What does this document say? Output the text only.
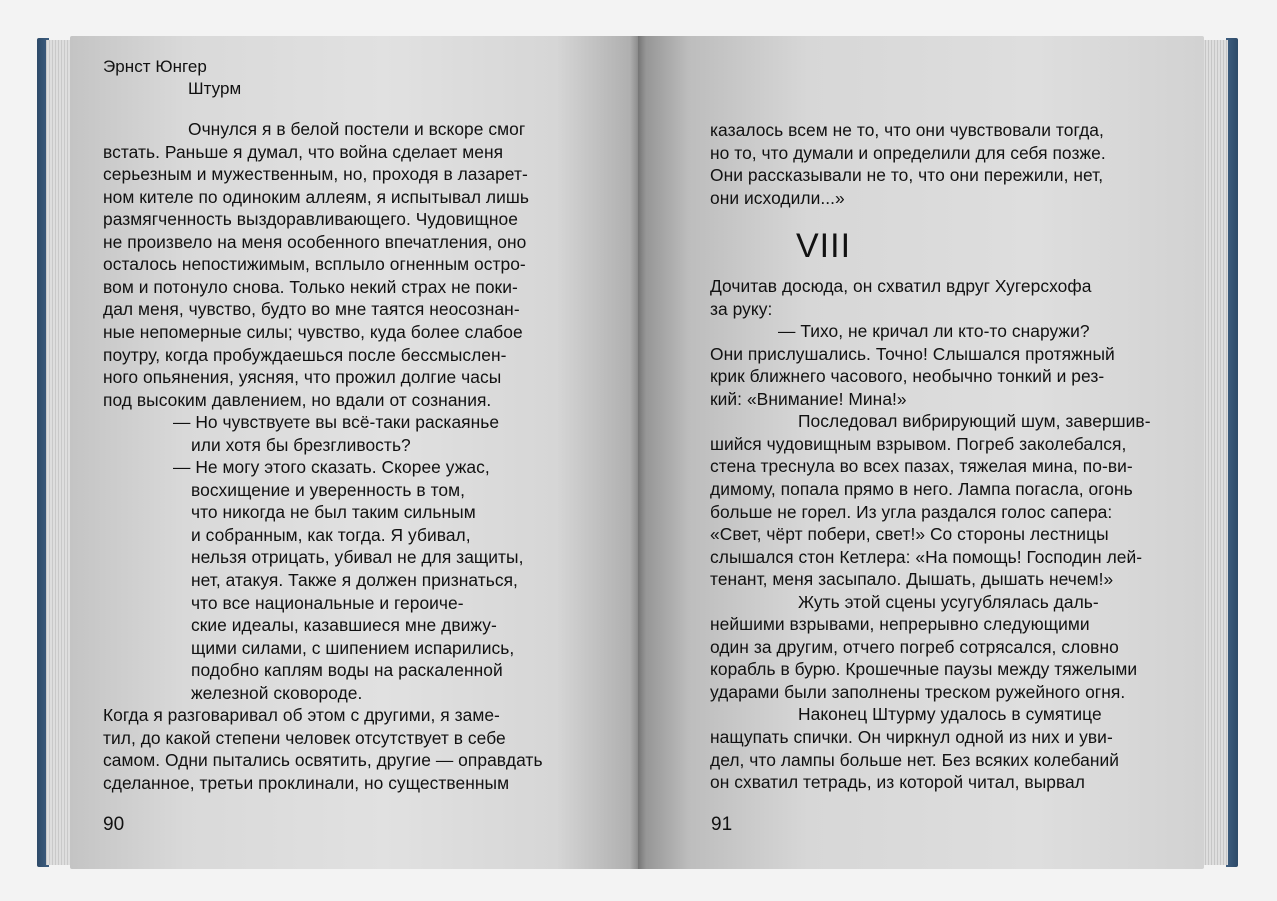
Эрнст Юнгер
Штурм
Очнулся я в белой постели и вскоре смог
встать. Раньше я думал, что война сделает меня
серьезным и мужественным, но, проходя в лазарет-
ном кителе по одиноким аллеям, я испытывал лишь
размягченность выздоравливающего. Чудовищное
не произвело на меня особенного впечатления, оно
осталось непостижимым, всплыло огненным остро-
вом и потонуло снова. Только некий страх не поки-
дал меня, чувство, будто во мне таятся неосознан-
ные непомерные силы; чувство, куда более слабое
поутру, когда пробуждаешься после бессмыслен-
ного опьянения, уясняя, что прожил долгие часы
под высоким давлением, но вдали от сознания.
— Но чувствуете вы всё-таки раскаянье
или хотя бы брезгливость?
— Не могу этого сказать. Скорее ужас,
восхищение и уверенность в том,
что никогда не был таким сильным
и собранным, как тогда. Я убивал,
нельзя отрицать, убивал не для защиты,
нет, атакуя. Также я должен признаться,
что все национальные и героиче-
ские идеалы, казавшиеся мне движу-
щими силами, с шипением испарились,
подобно каплям воды на раскаленной
железной сковороде.
Когда я разговаривал об этом с другими, я заме-
тил, до какой степени человек отсутствует в себе
самом. Одни пытались освятить, другие — оправдать
сделанное, третьи проклинали, но существенным
90
казалось всем не то, что они чувствовали тогда,
но то, что думали и определили для себя позже.
Они рассказывали не то, что они пережили, нет,
они исходили...»
VIII
Дочитав досюда, он схватил вдруг Хугерсхофа
за руку:
— Тихо, не кричал ли кто-то снаружи?
Они прислушались. Точно! Слышался протяжный
крик ближнего часового, необычно тонкий и рез-
кий: «Внимание! Мина!»
Последовал вибрирующий шум, завершив-
шийся чудовищным взрывом. Погреб заколебался,
стена треснула во всех пазах, тяжелая мина, по-ви-
димому, попала прямо в него. Лампа погасла, огонь
больше не горел. Из угла раздался голос сапера:
«Свет, чёрт побери, свет!» Со стороны лестницы
слышался стон Кетлера: «На помощь! Господин лей-
тенант, меня засыпало. Дышать, дышать нечем!»
Жуть этой сцены усугублялась даль-
нейшими взрывами, непрерывно следующими
один за другим, отчего погреб сотрясался, словно
корабль в бурю. Крошечные паузы между тяжелыми
ударами были заполнены треском ружейного огня.
Наконец Штурму удалось в сумятице
нащупать спички. Он чиркнул одной из них и уви-
дел, что лампы больше нет. Без всяких колебаний
он схватил тетрадь, из которой читал, вырвал
91
